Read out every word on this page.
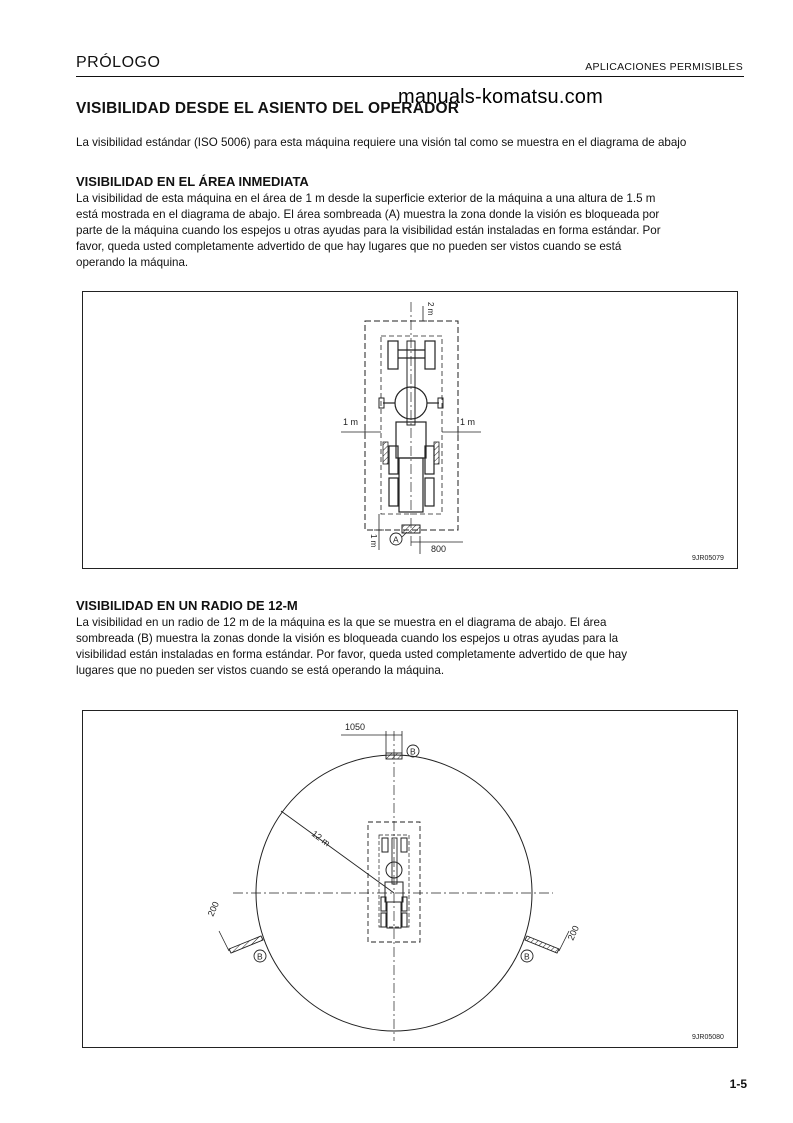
PRÓLOGO	APLICACIONES PERMISIBLES
manuals-komatsu.com
VISIBILIDAD DESDE EL ASIENTO DEL OPERADOR

La visibilidad estándar (ISO 5006) para esta máquina requiere una visión tal como se muestra en el diagrama de abajo

VISIBILIDAD EN EL ÁREA INMEDIATA

La visibilidad de esta máquina en el área de 1 m desde la superficie exterior de la máquina a una altura de 1.5 m
está mostrada en el diagrama de abajo. El área sombreada (A) muestra la zona donde la visión es bloqueada por
parte de la máquina cuando los espejos u otras ayudas para la visibilidad están instaladas en forma estándar. Por
favor, queda usted completamente advertido de que hay lugares que no pueden ser vistos cuando se está
operando la máquina.

2 m
1 m	1 m
1 m
800
A
9JR05079
VISIBILIDAD EN UN RADIO DE 12-M

La visibilidad en un radio de 12 m de la máquina es la que se muestra en el diagrama de abajo. El área
sombreada (B) muestra la zonas donde la visión es bloqueada cuando los espejos u otras ayudas para la
visibilidad están instaladas en forma estándar. Por favor, queda usted completamente advertido de que hay
lugares que no pueden ser vistos cuando se está operando la máquina.

12 m
1050
B
200
B
200
B
9JR05080
1-5
